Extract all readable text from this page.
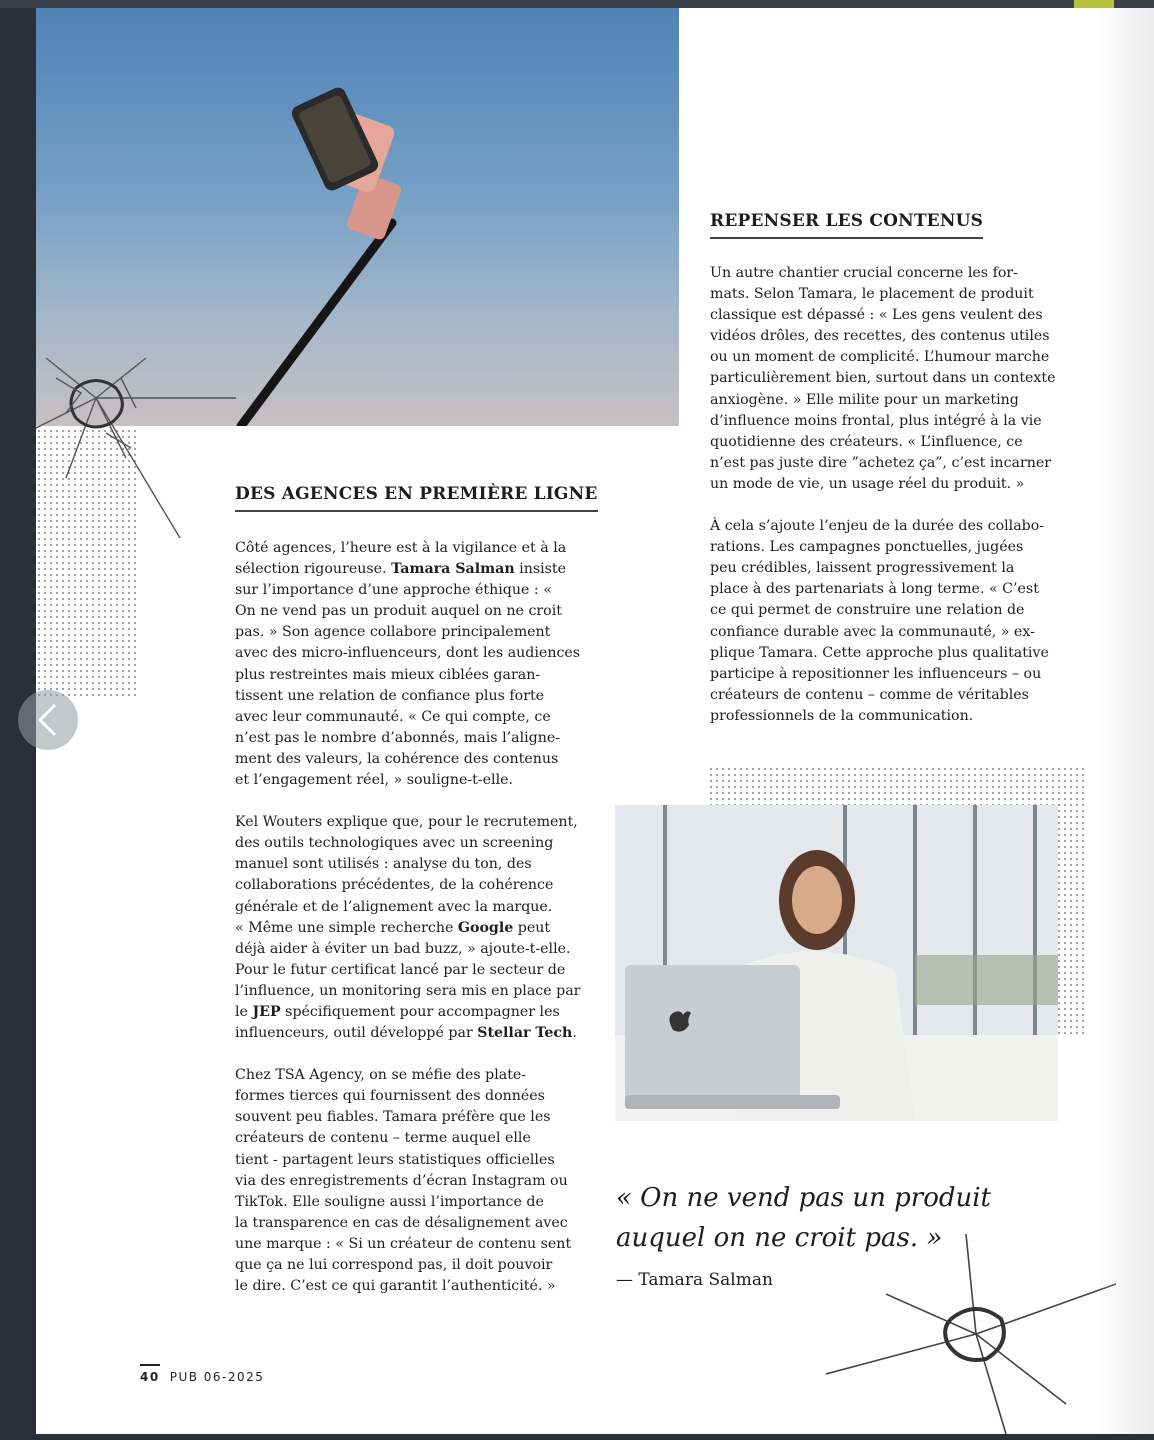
DES AGENCES EN PREMIÈRE LIGNE

Côté agences, l’heure est à la vigilance et à la
sélection rigoureuse. Tamara Salman insiste
sur l’importance d’une approche éthique : «
On ne vend pas un produit auquel on ne croit
pas. » Son agence collabore principalement
avec des micro-influenceurs, dont les audiences
plus restreintes mais mieux ciblées garan-
tissent une relation de confiance plus forte
avec leur communauté. « Ce qui compte, ce
n’est pas le nombre d’abonnés, mais l’aligne-
ment des valeurs, la cohérence des contenus
et l’engagement réel, » souligne-t-elle.

Kel Wouters explique que, pour le recrutement,
des outils technologiques avec un screening
manuel sont utilisés : analyse du ton, des
collaborations précédentes, de la cohérence
générale et de l’alignement avec la marque.
« Même une simple recherche Google peut
déjà aider à éviter un bad buzz, » ajoute-t-elle.
Pour le futur certificat lancé par le secteur de
l’influence, un monitoring sera mis en place par
le JEP spécifiquement pour accompagner les
influenceurs, outil développé par Stellar Tech.

Chez TSA Agency, on se méfie des plate-
formes tierces qui fournissent des données
souvent peu fiables. Tamara préfère que les
créateurs de contenu – terme auquel elle
tient - partagent leurs statistiques officielles
via des enregistrements d’écran Instagram ou
TikTok. Elle souligne aussi l’importance de
la transparence en cas de désalignement avec
une marque : « Si un créateur de contenu sent
que ça ne lui correspond pas, il doit pouvoir
le dire. C’est ce qui garantit l’authenticité. »

REPENSER LES CONTENUS

Un autre chantier crucial concerne les for-
mats. Selon Tamara, le placement de produit
classique est dépassé : « Les gens veulent des
vidéos drôles, des recettes, des contenus utiles
ou un moment de complicité. L’humour marche
particulièrement bien, surtout dans un contexte
anxiogène. » Elle milite pour un marketing
d’influence moins frontal, plus intégré à la vie
quotidienne des créateurs. « L’influence, ce
n’est pas juste dire ”achetez ça”, c’est incarner
un mode de vie, un usage réel du produit. »

À cela s’ajoute l’enjeu de la durée des collabo-
rations. Les campagnes ponctuelles, jugées
peu crédibles, laissent progressivement la
place à des partenariats à long terme. « C’est
ce qui permet de construire une relation de
confiance durable avec la communauté, » ex-
plique Tamara. Cette approche plus qualitative
participe à repositionner les influenceurs – ou
créateurs de contenu – comme de véritables
professionnels de la communication.

« On ne vend pas un produit
auquel on ne croit pas. »

— Tamara Salman
40 PUB 06-2025
